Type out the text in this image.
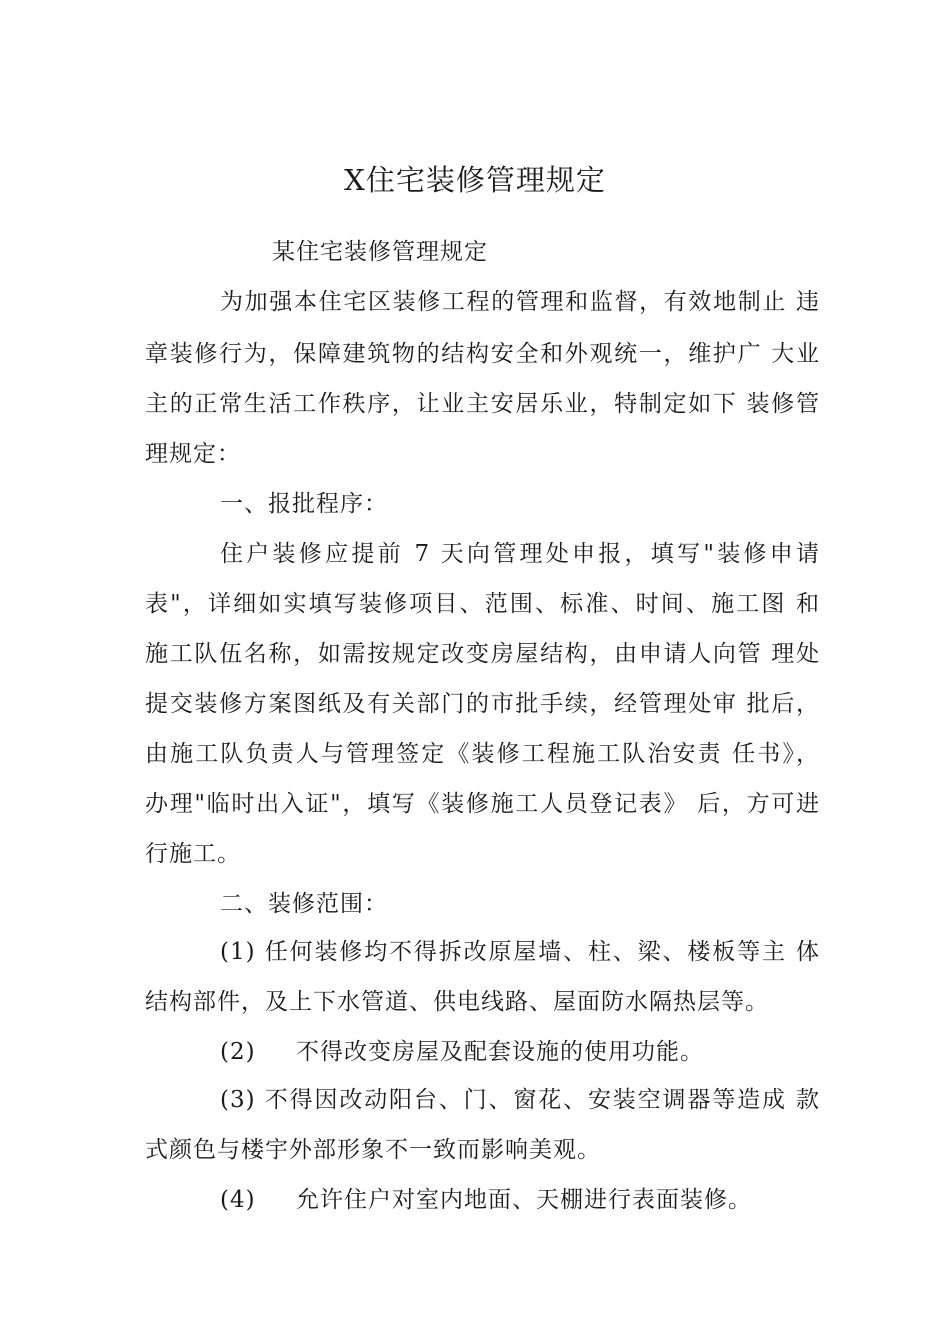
X住宅装修管理规定
某住宅装修管理规定
为加强本住宅区装修工程的管理和监督，有效地制止 违
章装修行为，保障建筑物的结构安全和外观统一，维护广 大业
主的正常生活工作秩序，让业主安居乐业，特制定如下 装修管
理规定：
一、报批程序：
住户装修应提前 7 天向管理处申报，填写"装修申请
表"，详细如实填写装修项目、范围、标准、时间、施工图 和
施工队伍名称，如需按规定改变房屋结构，由申请人向管 理处
提交装修方案图纸及有关部门的市批手续，经管理处审 批后，
由施工队负责人与管理签定《装修工程施工队治安责 任书》，
办理"临时出入证"，填写《装修施工人员登记表》 后，方可进
行施工。
二、装修范围：
(1) 任何装修均不得拆改原屋墙、柱、梁、楼板等主 体
结构部件，及上下水管道、供电线路、屋面防水隔热层等。
(2) 不得改变房屋及配套设施的使用功能。
(3) 不得因改动阳台、门、窗花、安装空调器等造成 款
式颜色与楼宇外部形象不一致而影响美观。
(4) 允许住户对室内地面、天棚进行表面装修。
